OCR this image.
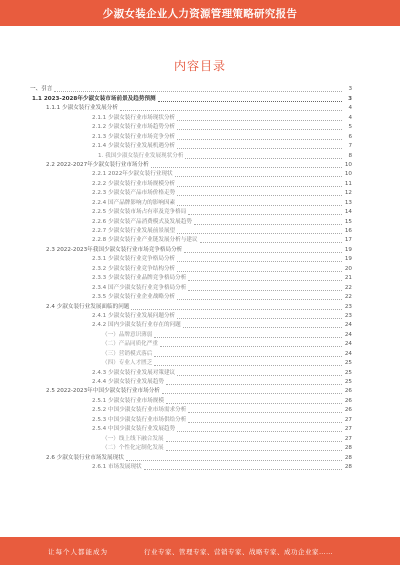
少淑女装企业人力资源管理策略研究报告
内容目录
一、引言	3
1.1 2023-2028年少淑女装市场前景及趋势预测	3
1.1.1 少淑女装行业发展分析	4
2.1.1 少淑女装行业市场现状分析	4
2.1.2 少淑女装行业市场趋势分析	5
2.1.3 少淑女装行业市场竞争分析	6
2.1.4 少淑女装行业发展机遇分析	7
1. 我国少淑女装行业发展现状分析	8
2.2 2022-2027年少淑女装行业市场分析	10
2.2.1 2022年少淑女装行业现状	10
2.2.2 少淑女装行业市场规模分析	11
2.2.3 少淑女装产品市场价格走势	12
2.2.4 国产品牌影响力的影响因素	13
2.2.5 少淑女装市场占有率及竞争格局	14
2.2.6 少淑女装产品消费模式及发展趋势	15
2.2.7 少淑女装行业发展前景展望	16
2.2.8 少淑女装行业产业链发展分析与建议	17
2.3 2022-2023年我国少淑女装行业市场竞争格局分析	19
2.3.1 少淑女装行业竞争格局分析	19
2.3.2 少淑女装行业竞争结构分析	20
2.3.3 少淑女装行业品牌竞争格局分析	21
2.3.4 国产少淑女装行业竞争格局分析	22
2.3.5 少淑女装行业企业战略分析	22
2.4 少淑女装行业发展面临的问题	23
2.4.1 少淑女装行业发展问题分析	23
2.4.2 国内少淑女装行业存在的问题	24
（一）品牌意识薄弱	24
（二）产品同质化严重	24
（三）营销模式落后	24
（四）专业人才匮乏	25
2.4.3 少淑女装行业发展对策建议	25
2.4.4 少淑女装行业发展趋势	25
2.5 2022-2023年中国少淑女装行业市场分析	26
2.5.1 少淑女装行业市场规模	26
2.5.2 中国少淑女装行业市场需求分析	26
2.5.3 中国少淑女装行业市场供给分析	27
2.5.4 中国少淑女装行业发展趋势	27
（一）线上线下融合发展	27
（二）个性化定制化发展	28
2.6 少淑女装行业市场发展现状	28
2.6.1 市场发展现状	28
让每个人都能成为	行业专家、管理专家、营销专家、战略专家、成功企业家……
